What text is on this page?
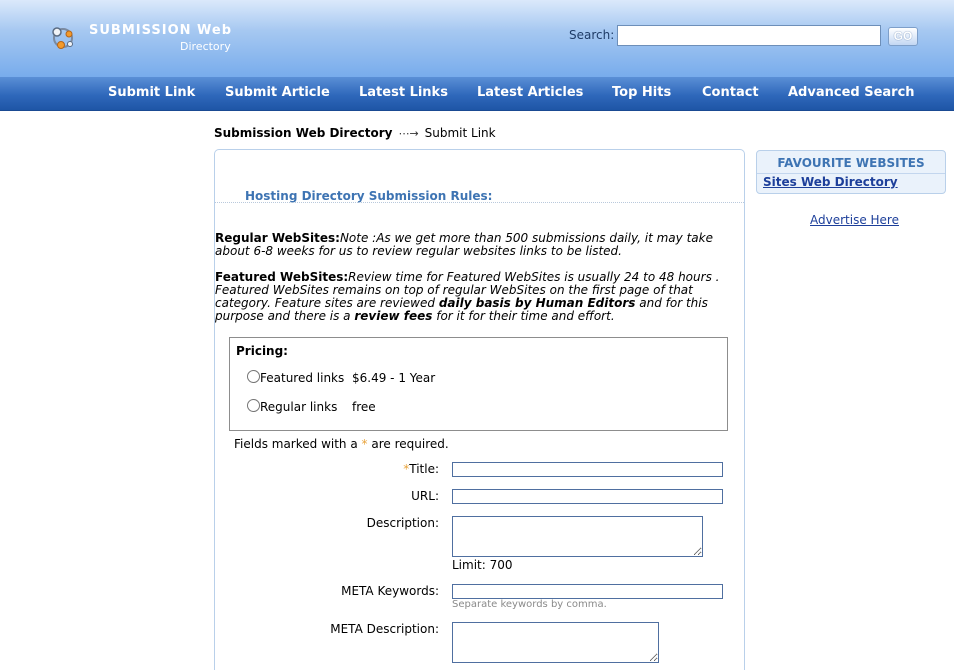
SUBMISSION Web
Directory
Search:	GO
Submit Link Submit Article Latest Links Latest Articles Top Hits Contact Advanced Search
Submission Web Directory ⋯→ Submit Link
Hosting Directory Submission Rules:
Regular WebSites:Note :As we get more than 500 submissions daily, it may take about 6-8 weeks for us to review regular websites links to be listed.
Featured WebSites:Review time for Featured WebSites is usually 24 to 48 hours . Featured WebSites remains on top of regular WebSites on the first page of that category. Feature sites are reviewed daily basis by Human Editors and for this purpose and there is a review fees for it for their time and effort.
Pricing:
Featured links $6.49 - 1 Year
Regular links free
Fields marked with a * are required.
*Title:
URL:
Description:
Limit: 700
META Keywords:
Separate keywords by comma.
META Description:
FAVOURITE WEBSITES
Sites Web Directory
Advertise Here
